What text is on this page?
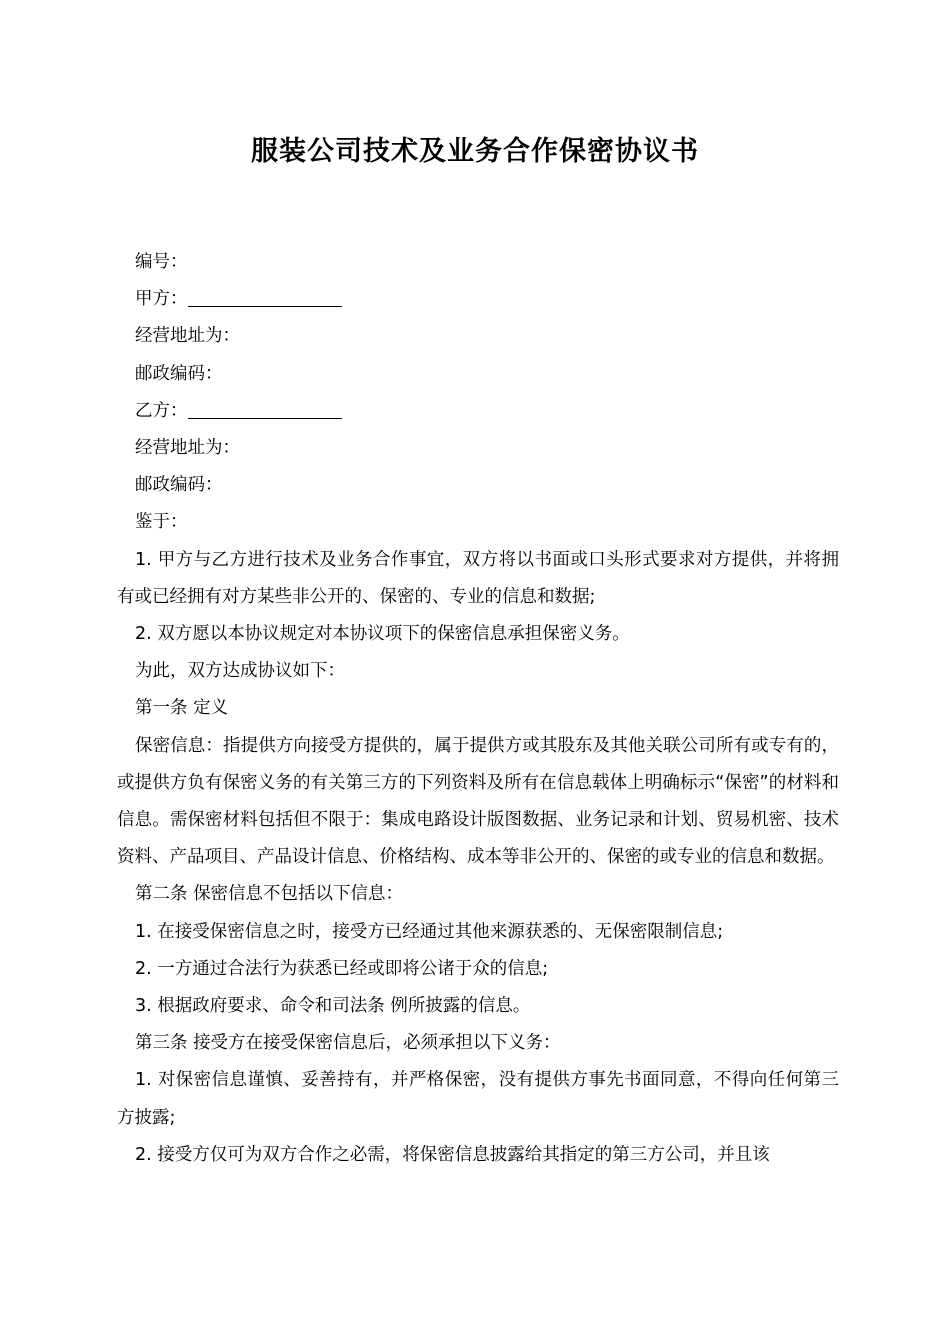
服装公司技术及业务合作保密协议书

编号：

甲方：

经营地址为：

邮政编码：

乙方：

经营地址为：

邮政编码：

鉴于：

1. 甲方与乙方进行技术及业务合作事宜，双方将以书面或口头形式要求对方提供，并将拥有或已经拥有对方某些非公开的、保密的、专业的信息和数据;

2. 双方愿以本协议规定对本协议项下的保密信息承担保密义务。

为此，双方达成协议如下：

第一条 定义

保密信息：指提供方向接受方提供的，属于提供方或其股东及其他关联公司所有或专有的，或提供方负有保密义务的有关第三方的下列资料及所有在信息载体上明确标示“保密”的材料和信息。需保密材料包括但不限于：集成电路设计版图数据、业务记录和计划、贸易机密、技术资料、产品项目、产品设计信息、价格结构、成本等非公开的、保密的或专业的信息和数据。

第二条 保密信息不包括以下信息：

1. 在接受保密信息之时，接受方已经通过其他来源获悉的、无保密限制信息;

2. 一方通过合法行为获悉已经或即将公诸于众的信息;

3. 根据政府要求、命令和司法条 例所披露的信息。

第三条 接受方在接受保密信息后，必须承担以下义务：

1. 对保密信息谨慎、妥善持有，并严格保密，没有提供方事先书面同意，不得向任何第三方披露;

2. 接受方仅可为双方合作之必需，将保密信息披露给其指定的第三方公司，并且该
